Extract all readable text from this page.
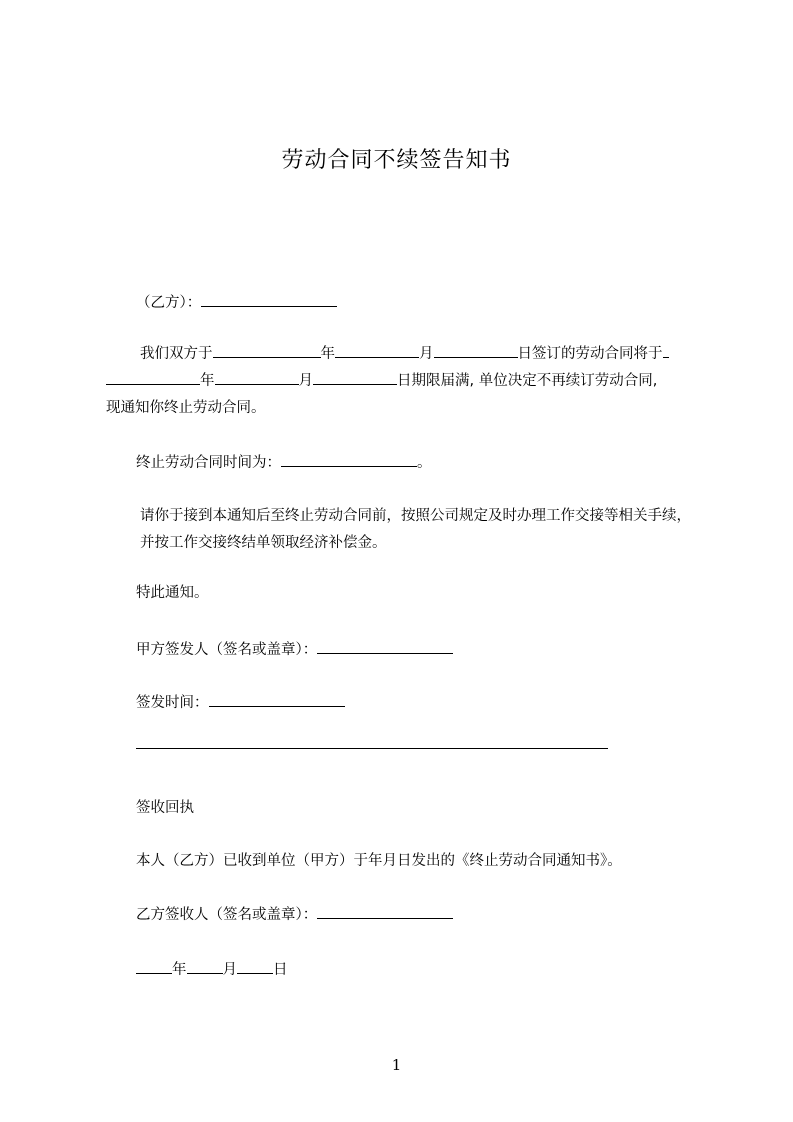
劳动合同不续签告知书
（乙方）：
我们双方于	年	月	日签订的劳动合同将于
年	月	日期限届满, 单位决定不再续订劳动合同,
现通知你终止劳动合同。
终止劳动合同时间为：	。
请你于接到本通知后至终止劳动合同前，按照公司规定及时办理工作交接等相关手续，并按工作交接终结单领取经济补偿金。
特此通知。
甲方签发人（签名或盖章）：
签发时间：
签收回执
本人（乙方）已收到单位（甲方）于年月日发出的《终止劳动合同通知书》。
乙方签收人（签名或盖章）：
年 月 日
1
